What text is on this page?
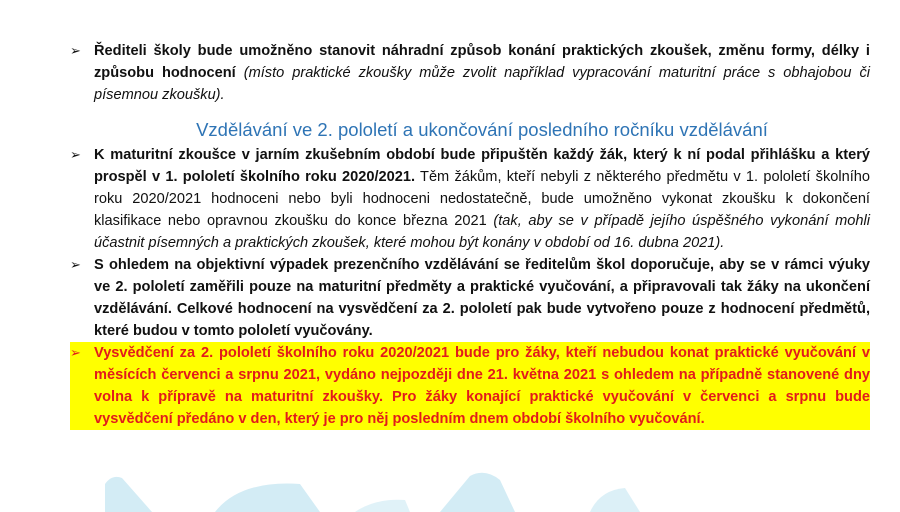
➢ Řediteli školy bude umožněno stanovit náhradní způsob konání praktických zkoušek, změnu formy, délky i způsobu hodnocení (místo praktické zkoušky může zvolit například vypracování maturitní práce s obhajobou či písemnou zkoušku).
Vzdělávání ve 2. pololetí a ukončování posledního ročníku vzdělávání
➢ K maturitní zkoušce v jarním zkušebním období bude připuštěn každý žák, který k ní podal přihlášku a který prospěl v 1. pololetí školního roku 2020/2021. Těm žákům, kteří nebyli z některého předmětu v 1. pololetí školního roku 2020/2021 hodnoceni nebo byli hodnoceni nedostatečně, bude umožněno vykonat zkoušku k dokončení klasifikace nebo opravnou zkoušku do konce března 2021 (tak, aby se v případě jejího úspěšného vykonání mohli účastnit písemných a praktických zkoušek, které mohou být konány v období od 16. dubna 2021).
➢ S ohledem na objektivní výpadek prezenčního vzdělávání se ředitelům škol doporučuje, aby se v rámci výuky ve 2. pololetí zaměřili pouze na maturitní předměty a praktické vyučování, a připravovali tak žáky na ukončení vzdělávání. Celkové hodnocení na vysvědčení za 2. pololetí pak bude vytvořeno pouze z hodnocení předmětů, které budou v tomto pololetí vyučovány.
➢ Vysvědčení za 2. pololetí školního roku 2020/2021 bude pro žáky, kteří nebudou konat praktické vyučování v měsících červenci a srpnu 2021, vydáno nejpozději dne 21. května 2021 s ohledem na případně stanovené dny volna k přípravě na maturitní zkoušky. Pro žáky konající praktické vyučování v červenci a srpnu bude vysvědčení předáno v den, který je pro něj posledním dnem období školního vyučování.
